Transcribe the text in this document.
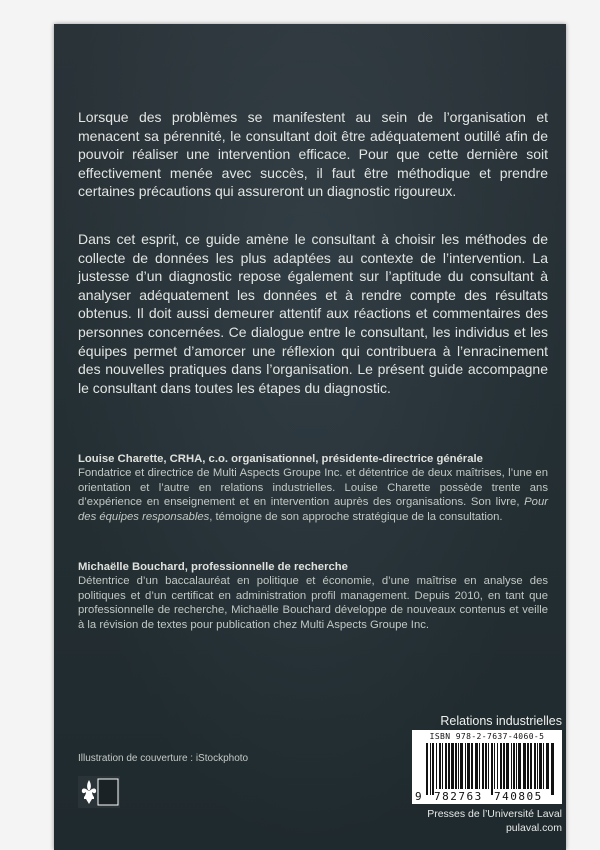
Lorsque des problèmes se manifestent au sein de l’organisation et menacent sa pérennité, le consultant doit être adéquatement outillé afin de pouvoir réaliser une intervention efficace. Pour que cette dernière soit effectivement menée avec succès, il faut être méthodique et prendre certaines précautions qui assureront un diagnostic rigoureux.

Dans cet esprit, ce guide amène le consultant à choisir les méthodes de collecte de données les plus adaptées au contexte de l’intervention. La justesse d’un diagnostic repose également sur l’aptitude du consultant à analyser adéquatement les données et à rendre compte des résultats obtenus. Il doit aussi demeurer attentif aux réactions et commentaires des personnes concernées. Ce dialogue entre le consultant, les individus et les équipes permet d’amorcer une réflexion qui contribuera à l’enracinement des nouvelles pratiques dans l’organisation. Le présent guide accompagne le consultant dans toutes les étapes du diagnostic.

Louise Charette, CRHA, c.o. organisationnel, présidente-directrice générale
Fondatrice et directrice de Multi Aspects Groupe Inc. et détentrice de deux maîtrises, l’une en orientation et l’autre en relations industrielles. Louise Charette possède trente ans d’expérience en enseignement et en intervention auprès des organisations. Son livre, Pour des équipes responsables, témoigne de son approche stratégique de la consultation.
Michaëlle Bouchard, professionnelle de recherche
Détentrice d’un baccalauréat en politique et économie, d’une maîtrise en analyse des politiques et d’un certificat en administration profil management. Depuis 2010, en tant que professionnelle de recherche, Michaëlle Bouchard développe de nouveaux contenus et veille à la révision de textes pour publication chez Multi Aspects Groupe Inc.
Relations industrielles
Illustration de couverture : iStockphoto
ISBN 978-2-7637-4060-5
9 782763 740805
Presses de l’Université Laval
pulaval.com
